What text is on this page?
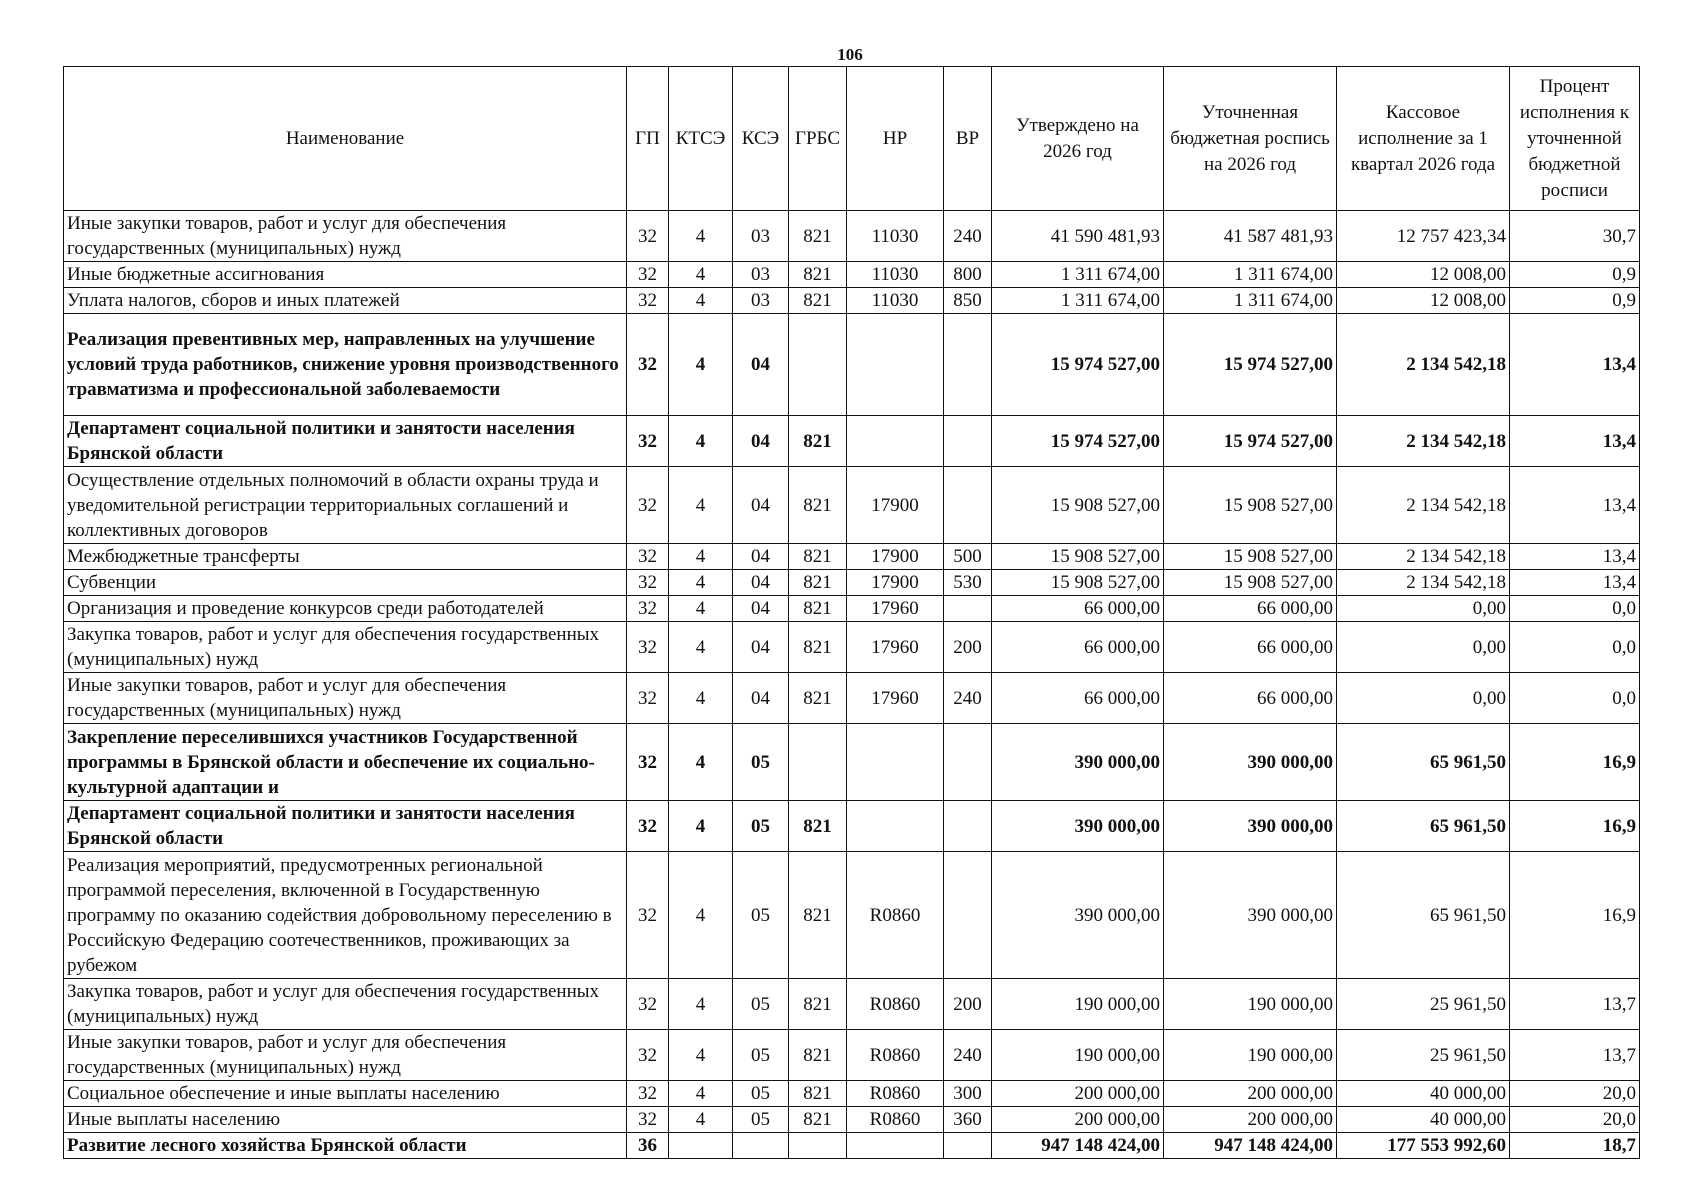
106
Наименование	ГП	КТСЭ	КСЭ	ГРБС	НР	ВР	Утверждено на 2026 год	Уточненная бюджетная роспись на 2026 год	Кассовое исполнение за 1 квартал 2026 года	Процент исполнения к уточненной бюджетной росписи
Иные закупки товаров, работ и услуг для обеспечения государственных (муниципальных) нужд	32	4	03	821	11030	240	41 590 481,93	41 587 481,93	12 757 423,34	30,7
Иные бюджетные ассигнования	32	4	03	821	11030	800	1 311 674,00	1 311 674,00	12 008,00	0,9
Уплата налогов, сборов и иных платежей	32	4	03	821	11030	850	1 311 674,00	1 311 674,00	12 008,00	0,9
Реализация превентивных мер, направленных на улучшение условий труда работников, снижение уровня производственного травматизма и профессиональной заболеваемости	32	4	04				15 974 527,00	15 974 527,00	2 134 542,18	13,4
Департамент социальной политики и занятости населения Брянской области	32	4	04	821			15 974 527,00	15 974 527,00	2 134 542,18	13,4
Осуществление отдельных полномочий в области охраны труда и уведомительной регистрации территориальных соглашений и коллективных договоров	32	4	04	821	17900		15 908 527,00	15 908 527,00	2 134 542,18	13,4
Межбюджетные трансферты	32	4	04	821	17900	500	15 908 527,00	15 908 527,00	2 134 542,18	13,4
Субвенции	32	4	04	821	17900	530	15 908 527,00	15 908 527,00	2 134 542,18	13,4
Организация и проведение конкурсов среди работодателей	32	4	04	821	17960		66 000,00	66 000,00	0,00	0,0
Закупка товаров, работ и услуг для обеспечения государственных (муниципальных) нужд	32	4	04	821	17960	200	66 000,00	66 000,00	0,00	0,0
Иные закупки товаров, работ и услуг для обеспечения государственных (муниципальных) нужд	32	4	04	821	17960	240	66 000,00	66 000,00	0,00	0,0
Закрепление переселившихся участников Государственной программы в Брянской области и обеспечение их социально-культурной адаптации и	32	4	05				390 000,00	390 000,00	65 961,50	16,9
Департамент социальной политики и занятости населения Брянской области	32	4	05	821			390 000,00	390 000,00	65 961,50	16,9
Реализация мероприятий, предусмотренных региональной программой переселения, включенной в Государственную программу по оказанию содействия добровольному переселению в Российскую Федерацию соотечественников, проживающих за рубежом	32	4	05	821	R0860		390 000,00	390 000,00	65 961,50	16,9
Закупка товаров, работ и услуг для обеспечения государственных (муниципальных) нужд	32	4	05	821	R0860	200	190 000,00	190 000,00	25 961,50	13,7
Иные закупки товаров, работ и услуг для обеспечения государственных (муниципальных) нужд	32	4	05	821	R0860	240	190 000,00	190 000,00	25 961,50	13,7
Социальное обеспечение и иные выплаты населению	32	4	05	821	R0860	300	200 000,00	200 000,00	40 000,00	20,0
Иные выплаты населению	32	4	05	821	R0860	360	200 000,00	200 000,00	40 000,00	20,0
Развитие лесного хозяйства Брянской области	36						947 148 424,00	947 148 424,00	177 553 992,60	18,7
